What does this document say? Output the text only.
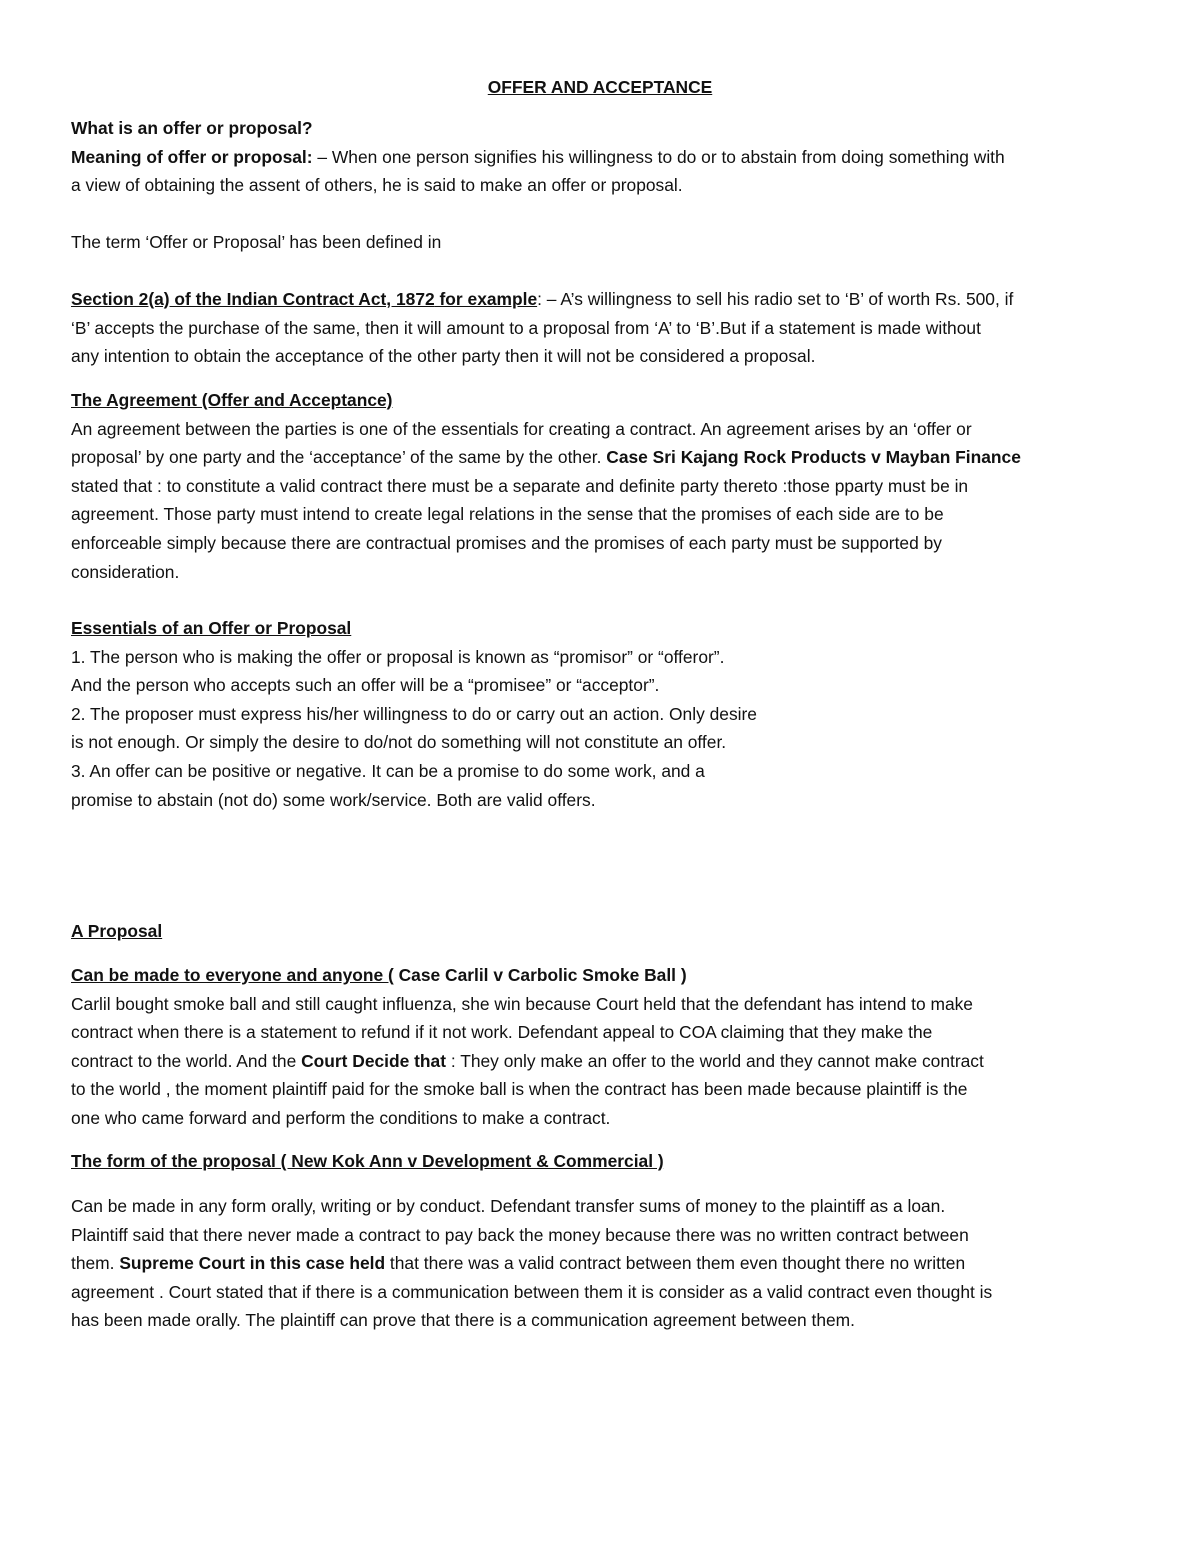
OFFER AND ACCEPTANCE
What is an offer or proposal?
Meaning of offer or proposal: – When one person signifies his willingness to do or to abstain from doing something with
a view of obtaining the assent of others, he is said to make an offer or proposal.
The term ‘Offer or Proposal’ has been defined in
Section 2(a) of the Indian Contract Act, 1872 for example: – A’s willingness to sell his radio set to ‘B’ of worth Rs. 500, if
‘B’ accepts the purchase of the same, then it will amount to a proposal from ‘A’ to ‘B’.But if a statement is made without
any intention to obtain the acceptance of the other party then it will not be considered a proposal.
The Agreement (Offer and Acceptance)
An agreement between the parties is one of the essentials for creating a contract. An agreement arises by an ‘offer or
proposal’ by one party and the ‘acceptance’ of the same by the other. Case Sri Kajang Rock Products v Mayban Finance
stated that : to constitute a valid contract there must be a separate and definite party thereto :those pparty must be in
agreement. Those party must intend to create legal relations in the sense that the promises of each side are to be
enforceable simply because there are contractual promises and the promises of each party must be supported by
consideration.
Essentials of an Offer or Proposal
1. The person who is making the offer or proposal is known as “promisor” or “offeror”.
And the person who accepts such an offer will be a “promisee” or “acceptor”.
2. The proposer must express his/her willingness to do or carry out an action. Only desire
is not enough. Or simply the desire to do/not do something will not constitute an offer.
3. An offer can be positive or negative. It can be a promise to do some work, and a
promise to abstain (not do) some work/service. Both are valid offers.
A Proposal
Can be made to everyone and anyone ( Case Carlil v Carbolic Smoke Ball )
Carlil bought smoke ball and still caught influenza, she win because Court held that the defendant has intend to make
contract when there is a statement to refund if it not work. Defendant appeal to COA claiming that they make the
contract to the world. And the Court Decide that : They only make an offer to the world and they cannot make contract
to the world , the moment plaintiff paid for the smoke ball is when the contract has been made because plaintiff is the
one who came forward and perform the conditions to make a contract.
The form of the proposal ( New Kok Ann v Development & Commercial )
Can be made in any form orally, writing or by conduct. Defendant transfer sums of money to the plaintiff as a loan.
Plaintiff said that there never made a contract to pay back the money because there was no written contract between
them. Supreme Court in this case held that there was a valid contract between them even thought there no written
agreement . Court stated that if there is a communication between them it is consider as a valid contract even thought is
has been made orally. The plaintiff can prove that there is a communication agreement between them.
